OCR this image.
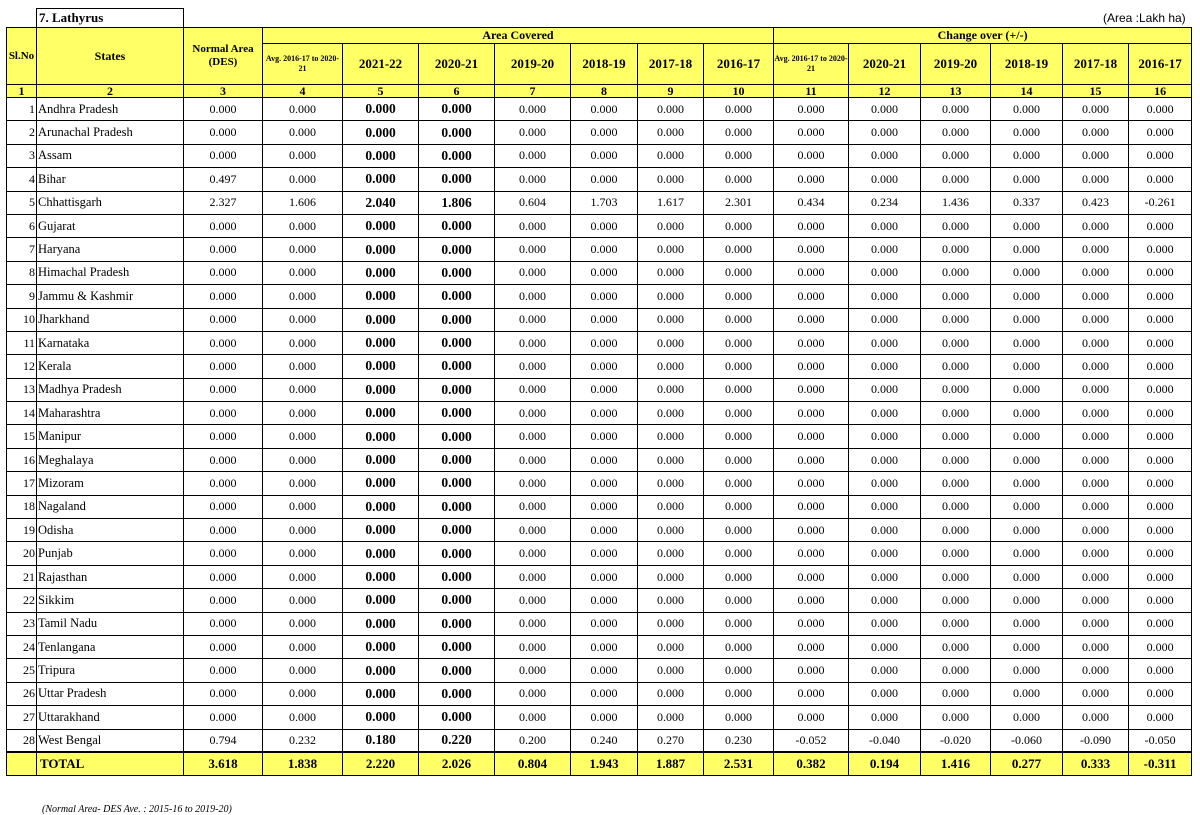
	7. Lathyrus	(Area :Lakh ha)													
Sl.No	States	Normal Area (DES)	Area Covered							Change over (+/-)					
			Avg. 2016-17 to 2020-21	2021-22	2020-21	2019-20	2018-19	2017-18	2016-17	Avg. 2016-17 to 2020-21	2020-21	2019-20	2018-19	2017-18	2016-17
1	2	3	4	5	6	7	8	9	10	11	12	13	14	15	16
1	Andhra Pradesh	0.000	0.000	0.000	0.000	0.000	0.000	0.000	0.000	0.000	0.000	0.000	0.000	0.000	0.000
2	Arunachal Pradesh	0.000	0.000	0.000	0.000	0.000	0.000	0.000	0.000	0.000	0.000	0.000	0.000	0.000	0.000
3	Assam	0.000	0.000	0.000	0.000	0.000	0.000	0.000	0.000	0.000	0.000	0.000	0.000	0.000	0.000
4	Bihar	0.497	0.000	0.000	0.000	0.000	0.000	0.000	0.000	0.000	0.000	0.000	0.000	0.000	0.000
5	Chhattisgarh	2.327	1.606	2.040	1.806	0.604	1.703	1.617	2.301	0.434	0.234	1.436	0.337	0.423	-0.261
6	Gujarat	0.000	0.000	0.000	0.000	0.000	0.000	0.000	0.000	0.000	0.000	0.000	0.000	0.000	0.000
7	Haryana	0.000	0.000	0.000	0.000	0.000	0.000	0.000	0.000	0.000	0.000	0.000	0.000	0.000	0.000
8	Himachal Pradesh	0.000	0.000	0.000	0.000	0.000	0.000	0.000	0.000	0.000	0.000	0.000	0.000	0.000	0.000
9	Jammu & Kashmir	0.000	0.000	0.000	0.000	0.000	0.000	0.000	0.000	0.000	0.000	0.000	0.000	0.000	0.000
10	Jharkhand	0.000	0.000	0.000	0.000	0.000	0.000	0.000	0.000	0.000	0.000	0.000	0.000	0.000	0.000
11	Karnataka	0.000	0.000	0.000	0.000	0.000	0.000	0.000	0.000	0.000	0.000	0.000	0.000	0.000	0.000
12	Kerala	0.000	0.000	0.000	0.000	0.000	0.000	0.000	0.000	0.000	0.000	0.000	0.000	0.000	0.000
13	Madhya Pradesh	0.000	0.000	0.000	0.000	0.000	0.000	0.000	0.000	0.000	0.000	0.000	0.000	0.000	0.000
14	Maharashtra	0.000	0.000	0.000	0.000	0.000	0.000	0.000	0.000	0.000	0.000	0.000	0.000	0.000	0.000
15	Manipur	0.000	0.000	0.000	0.000	0.000	0.000	0.000	0.000	0.000	0.000	0.000	0.000	0.000	0.000
16	Meghalaya	0.000	0.000	0.000	0.000	0.000	0.000	0.000	0.000	0.000	0.000	0.000	0.000	0.000	0.000
17	Mizoram	0.000	0.000	0.000	0.000	0.000	0.000	0.000	0.000	0.000	0.000	0.000	0.000	0.000	0.000
18	Nagaland	0.000	0.000	0.000	0.000	0.000	0.000	0.000	0.000	0.000	0.000	0.000	0.000	0.000	0.000
19	Odisha	0.000	0.000	0.000	0.000	0.000	0.000	0.000	0.000	0.000	0.000	0.000	0.000	0.000	0.000
20	Punjab	0.000	0.000	0.000	0.000	0.000	0.000	0.000	0.000	0.000	0.000	0.000	0.000	0.000	0.000
21	Rajasthan	0.000	0.000	0.000	0.000	0.000	0.000	0.000	0.000	0.000	0.000	0.000	0.000	0.000	0.000
22	Sikkim	0.000	0.000	0.000	0.000	0.000	0.000	0.000	0.000	0.000	0.000	0.000	0.000	0.000	0.000
23	Tamil Nadu	0.000	0.000	0.000	0.000	0.000	0.000	0.000	0.000	0.000	0.000	0.000	0.000	0.000	0.000
24	Tenlangana	0.000	0.000	0.000	0.000	0.000	0.000	0.000	0.000	0.000	0.000	0.000	0.000	0.000	0.000
25	Tripura	0.000	0.000	0.000	0.000	0.000	0.000	0.000	0.000	0.000	0.000	0.000	0.000	0.000	0.000
26	Uttar Pradesh	0.000	0.000	0.000	0.000	0.000	0.000	0.000	0.000	0.000	0.000	0.000	0.000	0.000	0.000
27	Uttarakhand	0.000	0.000	0.000	0.000	0.000	0.000	0.000	0.000	0.000	0.000	0.000	0.000	0.000	0.000
28	West Bengal	0.794	0.232	0.180	0.220	0.200	0.240	0.270	0.230	-0.052	-0.040	-0.020	-0.060	-0.090	-0.050
	TOTAL	3.618	1.838	2.220	2.026	0.804	1.943	1.887	2.531	0.382	0.194	1.416	0.277	0.333	-0.311
(Normal Area- DES Ave. : 2015-16 to 2019-20)
